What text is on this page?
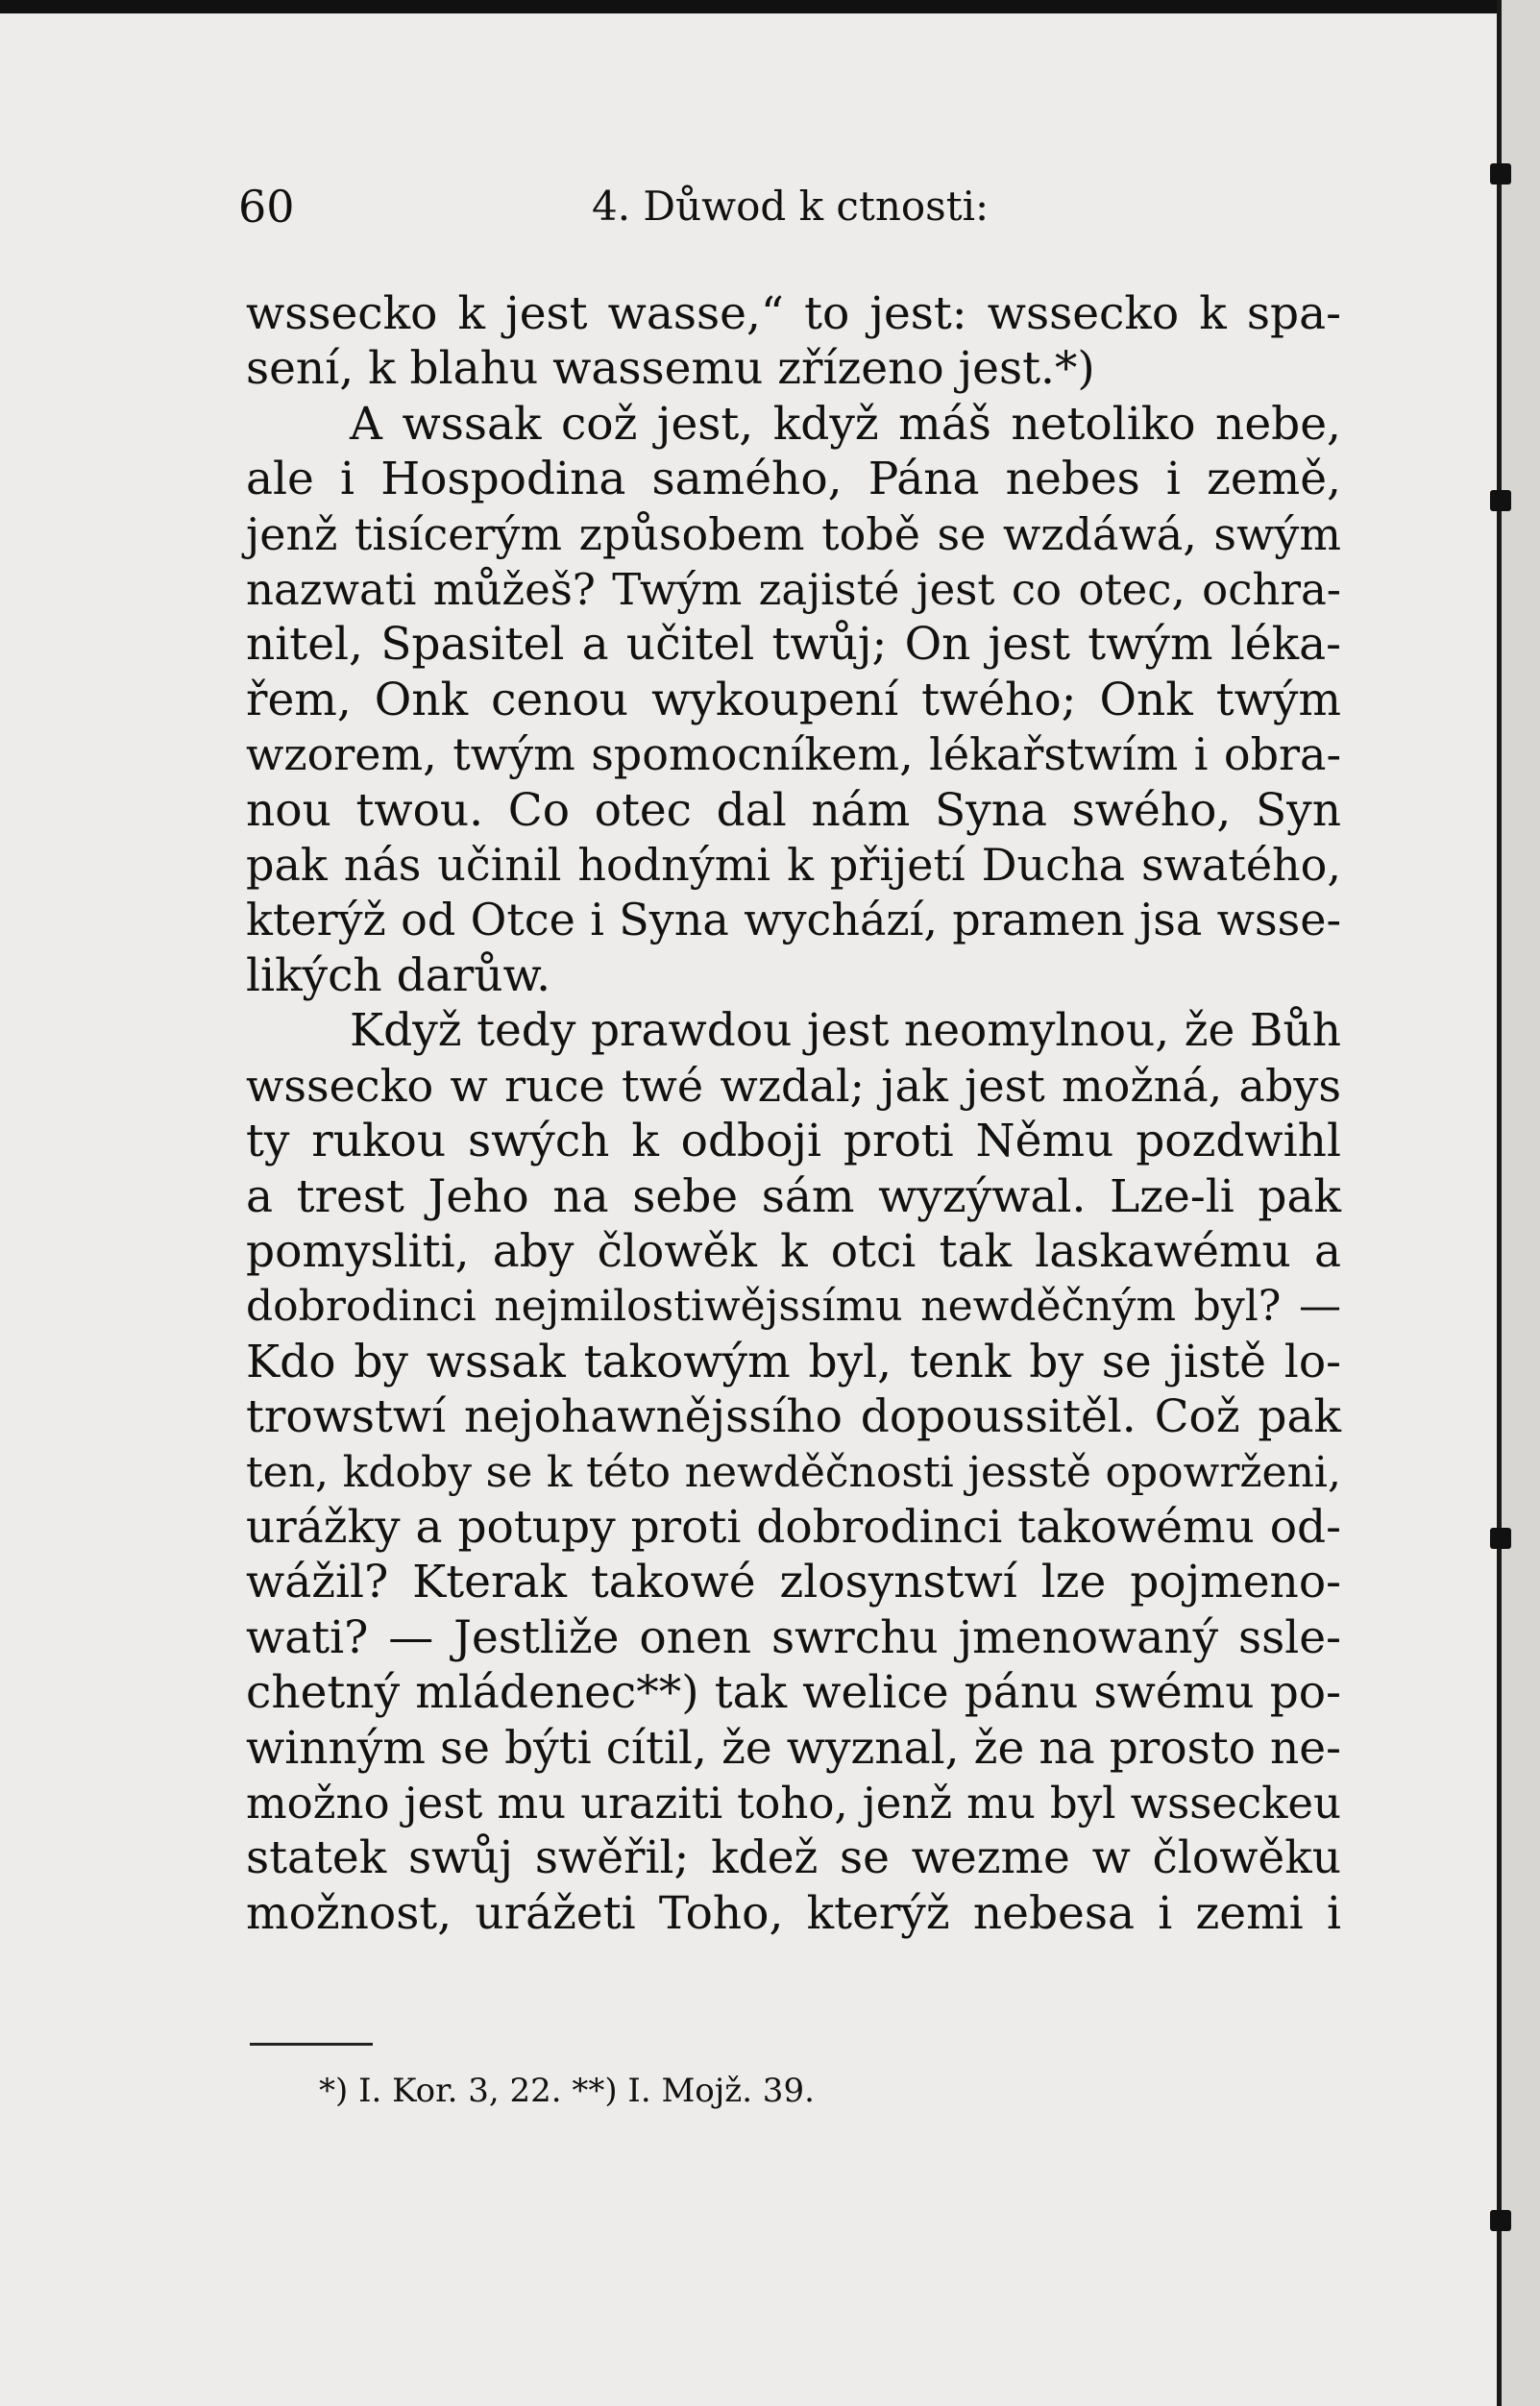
60	4. Důwod k ctnosti:
wssecko k jest wasse,“ to jest: wssecko k spa-
sení, k blahu wassemu zřízeno jest.*)
A wssak což jest, když máš netoliko nebe,
ale i Hospodina samého, Pána nebes i země,
jenž tisícerým způsobem tobě se wzdáwá, swým
nazwati můžeš? Twým zajisté jest co otec, ochra-
nitel, Spasitel a učitel twůj; On jest twým léka-
řem, Onk cenou wykoupení twého; Onk twým
wzorem, twým spomocníkem, lékařstwím i obra-
nou twou. Co otec dal nám Syna swého, Syn
pak nás učinil hodnými k přijetí Ducha swatého,
kterýž od Otce i Syna wychází, pramen jsa wsse-
likých darůw.
Když tedy prawdou jest neomylnou, že Bůh
wssecko w ruce twé wzdal; jak jest možná, abys
ty rukou swých k odboji proti Němu pozdwihl
a trest Jeho na sebe sám wyzýwal. Lze-li pak
pomysliti, aby člowěk k otci tak laskawému a
dobrodinci nejmilostiwějssímu newděčným byl? —
Kdo by wssak takowým byl, tenk by se jistě lo-
trowstwí nejohawnějssího dopoussitěl. Což pak
ten, kdoby se k této newděčnosti jesstě opowrženi,
urážky a potupy proti dobrodinci takowému od-
wážil? Kterak takowé zlosynstwí lze pojmeno-
wati? — Jestliže onen swrchu jmenowaný ssle-
chetný mládenec**) tak welice pánu swému po-
winným se býti cítil, že wyznal, že na prosto ne-
možno jest mu uraziti toho, jenž mu byl wsseckeu
statek swůj swěřil; kdež se wezme w člowěku
možnost, urážeti Toho, kterýž nebesa i zemi i
*) I. Kor. 3, 22. **) I. Mojž. 39.
